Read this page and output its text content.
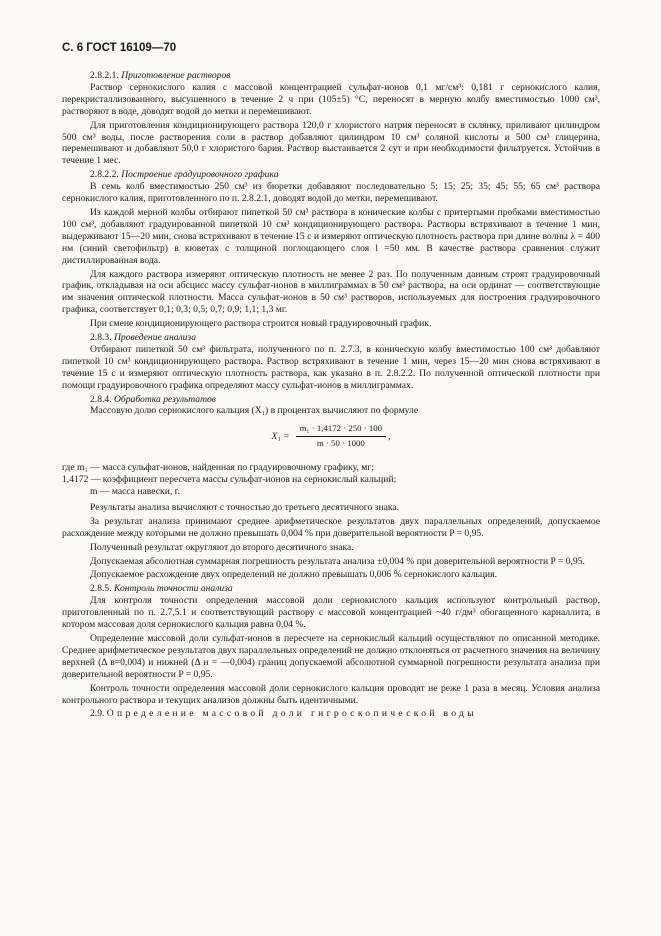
С. 6 ГОСТ 16109—70

2.8.2.1. Приготовление растворов

Раствор сернокислого калия с массовой концентрацией сульфат-ионов 0,1 мг/см³: 0,181 г сернокислого калия, перекристаллизованного, высушенного в течение 2 ч при (105±5) °С, переносят в мерную колбу вместимостью 1000 см³, растворяют в воде, доводят водой до метки и перемешивают.

Для приготовления кондиционирующего раствора 120,0 г хлористого натрия переносят в склянку, приливают цилиндром 500 см³ воды, после растворения соли в раствор добавляют цилиндром 10 см³ соляной кислоты и 500 см³ глицерина, перемешивают и добавляют 50,0 г хлористого бария. Раствор выстаивается 2 сут и при необходимости фильтруется. Устойчив в течение 1 мес.

2.8.2.2. Построение градуировочного графика

В семь колб вместимостью 250 см³ из бюретки добавляют последовательно 5; 15; 25; 35; 45; 55; 65 см³ раствора сернокислого калия, приготовленного по п. 2.8.2.1, доводят водой до метки, перемешивают.

Из каждой мерной колбы отбирают пипеткой 50 см³ раствора в конические колбы с притертыми пробками вместимостью 100 см³, добавляют градуированной пипеткой 10 см³ кондиционирующего раствора. Растворы встряхивают в течение 1 мин, выдерживают 15—20 мин, снова встряхивают в течение 15 с и измеряют оптическую плотность раствора при длине волны λ = 400 нм (синий светофильтр) в кюветах с толщиной поглощающего слоя l =50 мм. В качестве раствора сравнения служит дистиллированная вода.

Для каждого раствора измеряют оптическую плотность не менее 2 раз. По полученным данным строят градуировочный график, откладывая на оси абсцисс массу сульфат-ионов в миллиграммах в 50 см³ раствора, на оси ординат — соответствующие им значения оптической плотности. Масса сульфат-ионов в 50 см³ растворов, используемых для построения градуировочного графика, соответствует 0,1; 0,3; 0,5; 0,7; 0,9; 1,1; 1,3 мг.

При смене кондиционирующего раствора строится новый градуировочный график.

2.8.3. Проведение анализа

Отбирают пипеткой 50 см³ фильтрата, полученного по п. 2.7.3, в коническую колбу вместимостью 100 см³ добавляют пипеткой 10 см³ кондиционирующего раствора. Раствор встряхивают в течение 1 мин, через 15—20 мин снова встряхивают в течение 15 с и измеряют оптическую плотность раствора, как указано в п. 2.8.2.2. По полученной оптической плотности при помощи градуировочного графика определяют массу сульфат-ионов в миллиграммах.

2.8.4. Обработка результатов

Массовую долю сернокислого кальция (X₁) в процентах вычисляют по формуле

$X_1 = \frac{\text{m₁ · 1,4172 · 250 · 100}}{m \cdot 50 \cdot 1000}$ ,

где m₁ — масса сульфат-ионов, найденная по градуировочному графику, мг;

1,4172 — коэффициент пересчета массы сульфат-ионов на сернокислый кальций;

m — масса навески, г.

Результаты анализа вычисляют с точностью до третьего десятичного знака.

За результат анализа принимают среднее арифметическое результатов двух параллельных определений, допускаемое расхождение между которыми не должно превышать 0,004 % при доверительной вероятности P = 0,95.

Полученный результат округляют до второго десятичного знака.

Допускаемая абсолютная суммарная погрешность результата анализа ±0,004 % при доверительной вероятности P = 0,95.

Допускаемое расхождение двух определений не должно превышать 0,006 % сернокислого кальция.

2.8.5. Контроль точности анализа

Для контроля точности определения массовой доли сернокислого кальция используют контрольный раствор, приготовленный по п. 2.7,5.1 и соответствующий раствору с массовой концентрацией ~40 г/дм³ обогащенного карналлита, в котором массовая доля сернокислого кальция равна 0,04 %.

Определение массовой доли сульфат-ионов в пересчете на сернокислый кальций осуществляют по описанной методике. Среднее арифметическое результатов двух параллельных определений не должно отклоняться от расчетного значения на величину верхней (Δ в=0,004) и нижней (Δ н = —0,004) границ допускаемой абсолютной суммарной погрешности результата анализа при доверительной вероятности P = 0,95.

Контроль точности определения массовой доли сернокислого кальция проводят не реже 1 раза в месяц. Условия анализа контрольного раствора и текущих анализов должны быть идентичными.

2.9. Определение массовой доли гигроскопической воды
